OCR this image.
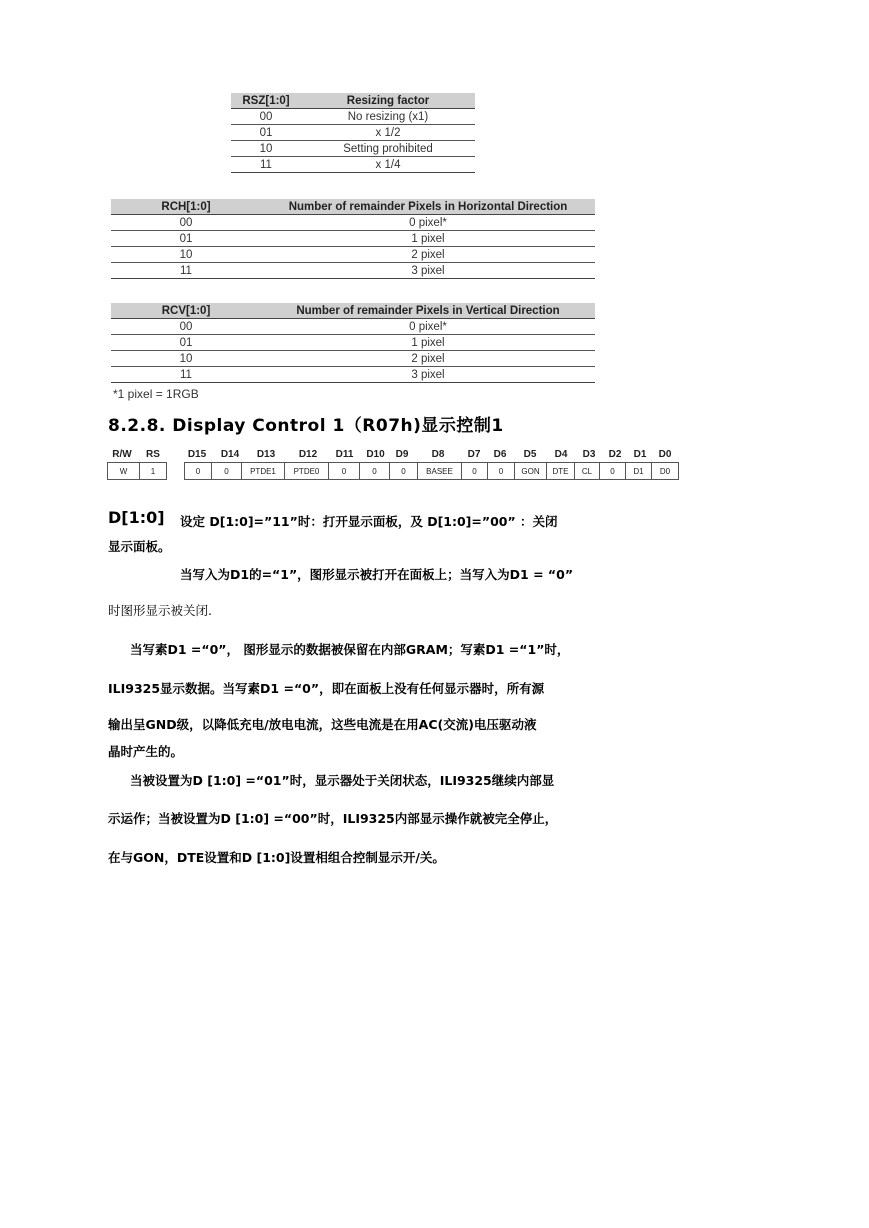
RSZ[1:0]	Resizing factor
00	No resizing (x1)
01	x 1/2
10	Setting prohibited
11	x 1/4
RCH[1:0]	Number of remainder Pixels in Horizontal Direction
00	0 pixel*
01	1 pixel
10	2 pixel
11	3 pixel
RCV[1:0]	Number of remainder Pixels in Vertical Direction
00	0 pixel*
01	1 pixel
10	2 pixel
11	3 pixel
*1 pixel = 1RGB
8.2.8. Display Control 1（R07h)显示控制1
R/W	RS	D15	D14	D13	D12	D11	D10	D9	D8	D7	D6	D5	D4	D3	D2	D1	D0
W	1	0	0	PTDE1	PTDE0	0	0	0	BASEE	0	0	GON	DTE	CL	0	D1	D0
D[1:0] 设定 D[1:0]=”11”时：打开显示面板，及 D[1:0]=”00” ：关闭
显示面板。
当写入为D1的=“1”，图形显示被打开在面板上；当写入为D1 = “0”
时图形显示被关闭.
当写素D1 =“0”， 图形显示的数据被保留在内部GRAM；写素D1 =“1”时，
ILI9325显示数据。当写素D1 =“0”，即在面板上没有任何显示器时，所有源
输出呈GND级，以降低充电/放电电流，这些电流是在用AC(交流)电压驱动液
晶时产生的。
当被设置为D [1:0] =“01”时，显示器处于关闭状态，ILI9325继续内部显
示运作；当被设置为D [1:0] =“00”时，ILI9325内部显示操作就被完全停止，
在与GON，DTE设置和D [1:0]设置相组合控制显示开/关。
